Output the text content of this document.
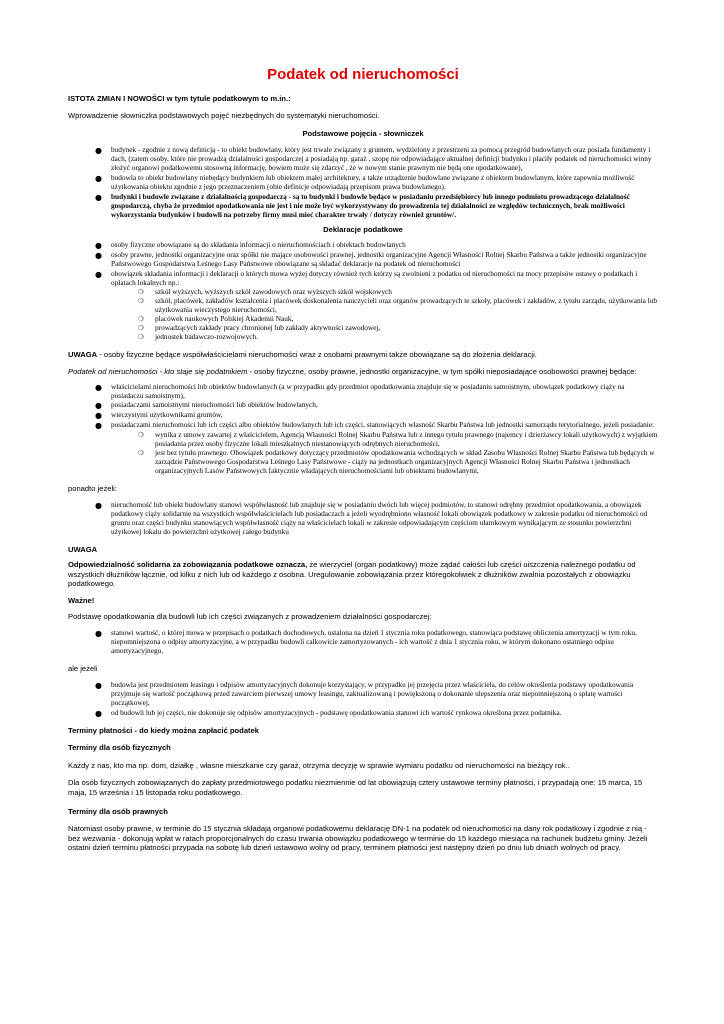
Podatek od nieruchomości

ISTOTA ZMIAN I NOWOŚCI w tym tytule podatkowym to m.in.:

Wprowadzenie słowniczka podstawowych pojęć niezbędnych do systematyki nieruchomości.

Podstawowe pojęcia - słowniczek

● budynek - zgodnie z nową definicją - to obiekt budowlany, który jest trwale związany z gruntem, wydzielony z przestrzeni za pomocą przegród budowlanych oraz posiada fundamenty i dach, (zatem osoby, które nie prowadzą działalności gospodarczej a posiadają np. garaż , szopę nie odpowiadające aktualnej definicji budynku i płaciły podatek od nieruchomości winny złożyć organowi podatkowemu stosowną informację, bowiem może się zdarzyć , że w nowym stanie prawnym nie będą one opodatkowane),
● budowla to obiekt budowlany niebędący budynkiem lub obiektem małej architektury, a także urządzenie budowlane związane z obiektem budowlanym, które zapewnia możliwość użytkowania obiektu zgodnie z jego przeznaczeniem (obie definicje odpowiadają przepisom prawa budowlanego).
● budynki i budowle związane z działalnością gospodarczą - są to budynki i budowle będące w posiadaniu przedsiębiorcy lub innego podmiotu prowadzącego działalność gospodarczą, chyba że przedmiot opodatkowania nie jest i nie może być wykorzystywany do prowadzenia tej działalności ze względów technicznych, brak możliwości wykorzystania budynków i budowli na potrzeby firmy musi mieć charakter trwały / dotyczy również gruntów/.

Deklaracje podatkowe

● osoby fizyczne obowiązane są do składania informacji o nieruchomościach i obiektach budowlanych
● osoby prawne, jednostki organizacyjne oraz spółki nie mające osobowości prawnej, jednostki organizacyjne Agencji Własności Rolnej Skarbu Państwa a także jednostki organizacyjne Państwowego Gospodarstwa Leśnego Lasy Państwowe obowiązane są składać deklaracje na podatek od nieruchomości
● obowiązek składania informacji i deklaracji o których mowa wyżej dotyczy również tych którzy są zwolnieni z podatku od nieruchomości na mocy przepisów ustawy o podatkach i opłatach lokalnych np.:
❍ szkół wyższych, wyższych szkół zawodowych oraz wyższych szkół wojskowych
❍ szkół, placówek, zakładów kształcenia i placówek doskonalenia nauczycieli oraz organów prowadzących te szkoły, placówek i zakładów, z tytułu zarządu, użytkowania lub użytkowania wieczystego nieruchomości,
❍ placówek naukowych Polskiej Akademii Nauk,
❍ prowadzących zakłady pracy chronionej lub zakłady aktywności zawodowej,
❍ jednostek badawczo-rozwojowych.

UWAGA - osoby fizyczne będące współwłaścicielami nieruchomości wraz z osobami prawnymi także obowiązane są do złożenia deklaracji.

Podatek od nieruchomości - kto staje się podatnikiem - osoby fizyczne, osoby prawne, jednostki organizacyjne, w tym spółki nieposiadające osobowości prawnej będące:

● właścicielami nieruchomości lub obiektów budowlanych (a w przypadku gdy przedmiot opodatkowania znajduje się w posiadaniu samoistnym, obowiązek podatkowy ciąży na posiadaczu samoistnym),
● posiadaczami samoistnymi nieruchomości lub obiektów budowlanych,
● wieczystymi użytkownikami gruntów,
● posiadaczami nieruchomości lub ich części albo obiektów budowlanych lub ich części, stanowiących własność Skarbu Państwa lub jednostki samorządu terytorialnego, jeżeli posiadanie:
❍ wynika z umowy zawartej z właścicielem, Agencją Własności Rolnej Skarbu Państwa lub z innego tytułu prawnego (najemcy i dzierżawcy lokali użytkowych) z wyjątkiem posiadania przez osoby fizyczne lokali mieszkalnych niestanowiących odrębnych nieruchomości,
❍ jest bez tytułu prawnego. Obowiązek podatkowy dotyczący przedmiotów opodatkowania wchodzących w skład Zasobu Własności Rolnej Skarbu Państwa lub będących w zarządzie Państwowego Gospodarstwa Leśnego Lasy Państwowe - ciąży na jednostkach organizacyjnych Agencji Własności Rolnej Skarbu Państwa i jednostkach organizacyjnych Lasów Państwowych faktycznie władających nieruchomościami lub obiektami budowlanymi,

ponadto jeżeli:

● nieruchomość lub obiekt budowlany stanowi współwłasność lub znajduje się w posiadaniu dwóch lub więcej podmiotów, to stanowi odrębny przedmiot opodatkowania, a obowiązek podatkowy ciąży solidarnie na wszystkich współwłaścicielach lub posiadaczach a jeżeli wyodrębniono własność lokali obowiązek podatkowy w zakresie podatku od nieruchomości od gruntu oraz części budynku stanowiących współwłasność ciąży na właścicielach lokali w zakresie odpowiadającym częściom ułamkowym wynikającym ze stosunku powierzchni użytkowej lokalu do powierzchni użytkowej całego budynku

UWAGA

Odpowiedzialność solidarna za zobowiązania podatkowe oznacza, że wierzyciel (organ podatkowy) może żądać całości lub części uiszczenia należnego podatku od wszystkich dłużników łącznie, od kilku z nich lub od każdego z osobna. Uregulowanie zobowiązania przez któregokolwiek z dłużników zwalnia pozostałych z obowiązku podatkowego.

Ważne!

Podstawę opodatkowania dla budowli lub ich części związanych z prowadzeniem działalności gospodarczej:

● stanowi wartość, o której mowa w przepisach o podatkach dochodowych, ustalona na dzień 1 stycznia roku podatkowego, stanowiąca podstawę obliczenia amortyzacji w tym roku, niepomniejszona o odpisy amortyzacyjne, a w przypadku budowli całkowicie zamortyzowanych - ich wartość z dnia 1 stycznia roku, w którym dokonano ostatniego odpisu amortyzacyjnego,

ale jeżeli

● budowla jest przedmiotem leasingu i odpisów amortyzacyjnych dokonuje korzystający, w przypadku jej przejęcia przez właściciela, do celów określenia podstawy opodatkowania przyjmuje się wartość początkową przed zawarciem pierwszej umowy leasingu, zaktualizowaną i powiększoną o dokonanie ulepszenia oraz niepomniejszoną o spłatę wartości początkowej,
● od budowli lub jej części, nie dokonuje się odpisów amortyzacyjnych - podstawę opodatkowania stanowi ich wartość rynkowa określona przez podatnika.

Terminy płatności - do kiedy można zapłacić podatek

Terminy dla osób fizycznych

Każdy z nas, kto ma np. dom, działkę , własne mieszkanie czy garaż, otrzyma decyzję w sprawie wymiaru podatku od nieruchomości na bieżący rok..

Dla osób fizycznych zobowiązanych do zapłaty przedmiotowego podatku niezmiennie od lat obowiązują cztery ustawowe terminy płatności, i przypadają one: 15 marca, 15 maja, 15 września i 15 listopada roku podatkowego.

Terminy dla osób prawnych

Natomiast osoby prawne, w terminie do 15 stycznia składają organowi podatkowemu deklarację DN-1 na podatek od nieruchomości na dany rok podatkowy i zgodnie z nią - bez wezwania - dokonują wpłat w ratach proporcjonalnych do czasu trwania obowiązku podatkowego w terminie do 15 każdego miesiąca na rachunek budżetu gminy. Jeżeli ostatni dzień terminu płatności przypada na sobotę lub dzień ustawowo wolny od pracy, terminem płatności jest następny dzień po dniu lub dniach wolnych od pracy.
